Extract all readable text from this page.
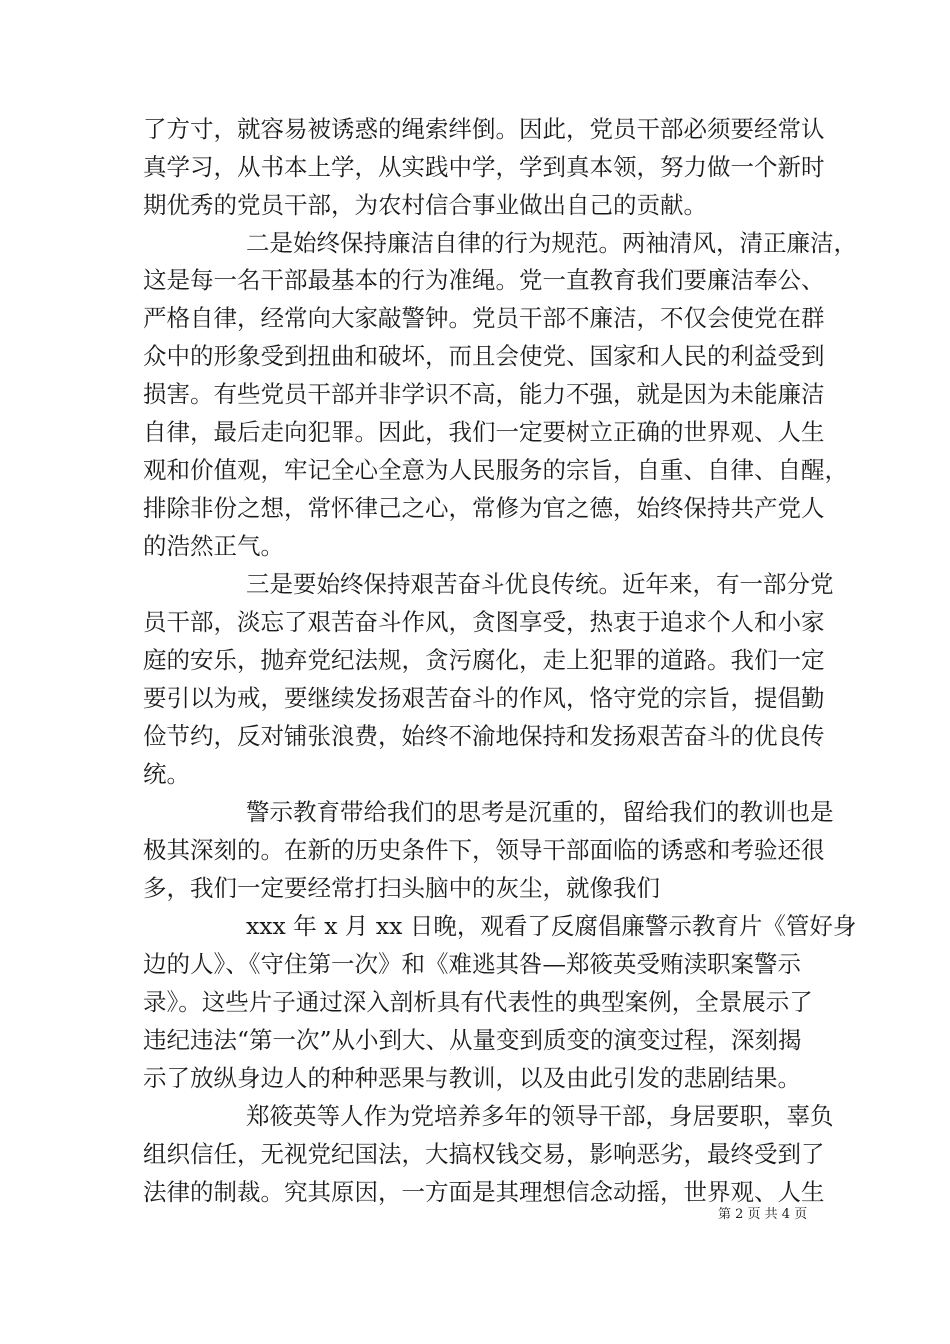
了方寸，就容易被诱惑的绳索绊倒。因此，党员干部必须要经常认

真学习，从书本上学，从实践中学，学到真本领，努力做一个新时

期优秀的党员干部，为农村信合事业做出自己的贡献。

二是始终保持廉洁自律的行为规范。两袖清风，清正廉洁，

这是每一名干部最基本的行为准绳。党一直教育我们要廉洁奉公、

严格自律，经常向大家敲警钟。党员干部不廉洁，不仅会使党在群

众中的形象受到扭曲和破坏，而且会使党、国家和人民的利益受到

损害。有些党员干部并非学识不高，能力不强，就是因为未能廉洁

自律，最后走向犯罪。因此，我们一定要树立正确的世界观、人生

观和价值观，牢记全心全意为人民服务的宗旨，自重、自律、自醒，

排除非份之想，常怀律己之心，常修为官之德，始终保持共产党人

的浩然正气。

三是要始终保持艰苦奋斗优良传统。近年来，有一部分党

员干部，淡忘了艰苦奋斗作风，贪图享受，热衷于追求个人和小家

庭的安乐，抛弃党纪法规，贪污腐化，走上犯罪的道路。我们一定

要引以为戒，要继续发扬艰苦奋斗的作风，恪守党的宗旨，提倡勤

俭节约，反对铺张浪费，始终不渝地保持和发扬艰苦奋斗的优良传

统。

警示教育带给我们的思考是沉重的，留给我们的教训也是

极其深刻的。在新的历史条件下，领导干部面临的诱惑和考验还很

多，我们一定要经常打扫头脑中的灰尘，就像我们

xxx 年 x 月 xx 日晚，观看了反腐倡廉警示教育片《管好身

边的人》、《守住第一次》和《难逃其咎—郑筱英受贿渎职案警示

录》。这些片子通过深入剖析具有代表性的典型案例，全景展示了

违纪违法“第一次”从小到大、从量变到质变的演变过程，深刻揭

示了放纵身边人的种种恶果与教训，以及由此引发的悲剧结果。

郑筱英等人作为党培养多年的领导干部，身居要职，辜负

组织信任，无视党纪国法，大搞权钱交易，影响恶劣，最终受到了

法律的制裁。究其原因，一方面是其理想信念动摇，世界观、人生

第 2 页 共 4 页
